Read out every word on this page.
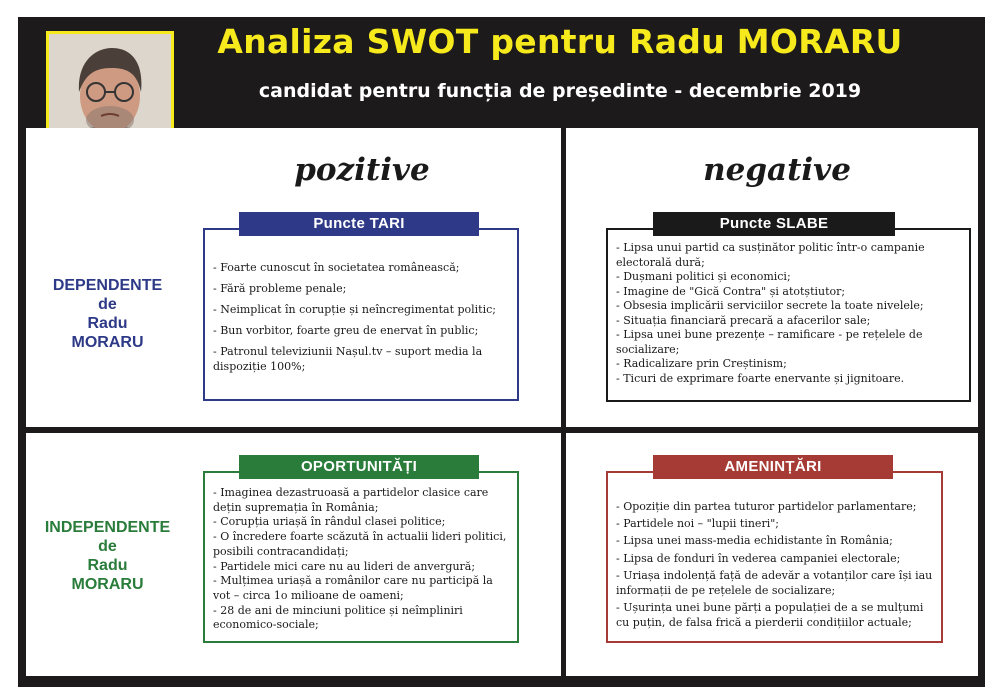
Analiza SWOT pentru Radu MORARU
candidat pentru funcția de președinte - decembrie 2019
pozitive	negative
DEPENDENTE
de
Radu
MORARU
INDEPENDENTE
de
Radu
MORARU
- Foarte cunoscut în societatea românească;
- Fără probleme penale;
- Neimplicat în corupție și neîncregimentat politic;
- Bun vorbitor, foarte greu de enervat în public;
- Patronul televiziunii Nașul.tv – suport media la dispoziție 100%;
Puncte TARI
- Lipsa unui partid ca susținător politic într-o campanie electorală dură;
- Dușmani politici și economici;
- Imagine de "Gică Contra" și atotștiutor;
- Obsesia implicării serviciilor secrete la toate nivelele;
- Situația financiară precară a afacerilor sale;
- Lipsa unei bune prezențe – ramificare - pe rețelele de socializare;
- Radicalizare prin Creștinism;
- Ticuri de exprimare foarte enervante și jignitoare.
Puncte SLABE
- Imaginea dezastruoasă a partidelor clasice care dețin supremația în România;
- Corupția uriașă în rândul clasei politice;
- O încredere foarte scăzută în actualii lideri politici, posibili contracandidați;
- Partidele mici care nu au lideri de anvergură;
- Mulțimea uriașă a românilor care nu participă la vot – circa 1o milioane de oameni;
- 28 de ani de minciuni politice și neîmpliniri economico-sociale;
OPORTUNITĂȚI
- Opoziție din partea tuturor partidelor parlamentare;
- Partidele noi – "lupii tineri";
- Lipsa unei mass-media echidistante în România;
- Lipsa de fonduri în vederea campaniei electorale;
- Uriașa indolență față de adevăr a votanților care își iau informații de pe rețelele de socializare;
- Ușurința unei bune părți a populației de a se mulțumi cu puțin, de falsa frică a pierderii condițiilor actuale;
AMENINȚĂRI
